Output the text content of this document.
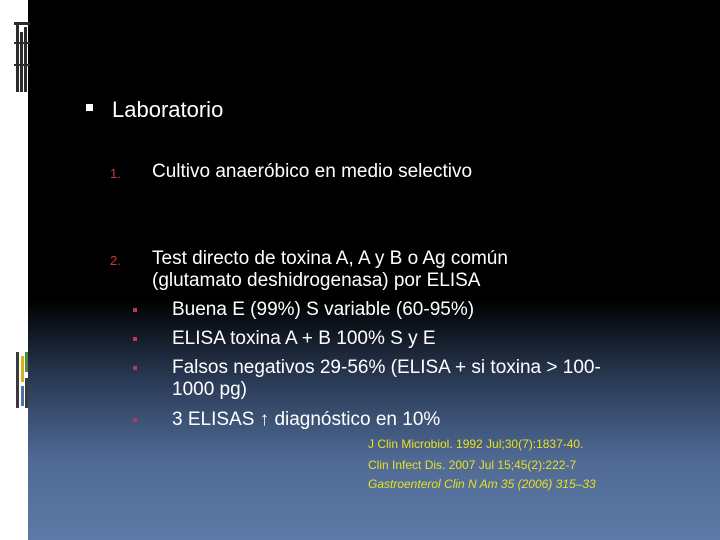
Laboratorio
1. Cultivo anaeróbico en medio selectivo
2. Test directo de toxina A, A y B o Ag común
(glutamato deshidrogenasa) por ELISA
Buena E (99%) S variable (60-95%)
ELISA toxina A + B 100% S y E
Falsos negativos 29-56% (ELISA + si toxina > 100-
1000 pg)
3 ELISAS ↑ diagnóstico en 10%
J Clin Microbiol. 1992 Jul;30(7):1837-40.
Clin Infect Dis. 2007 Jul 15;45(2):222-7
Gastroenterol Clin N Am 35 (2006) 315–33
